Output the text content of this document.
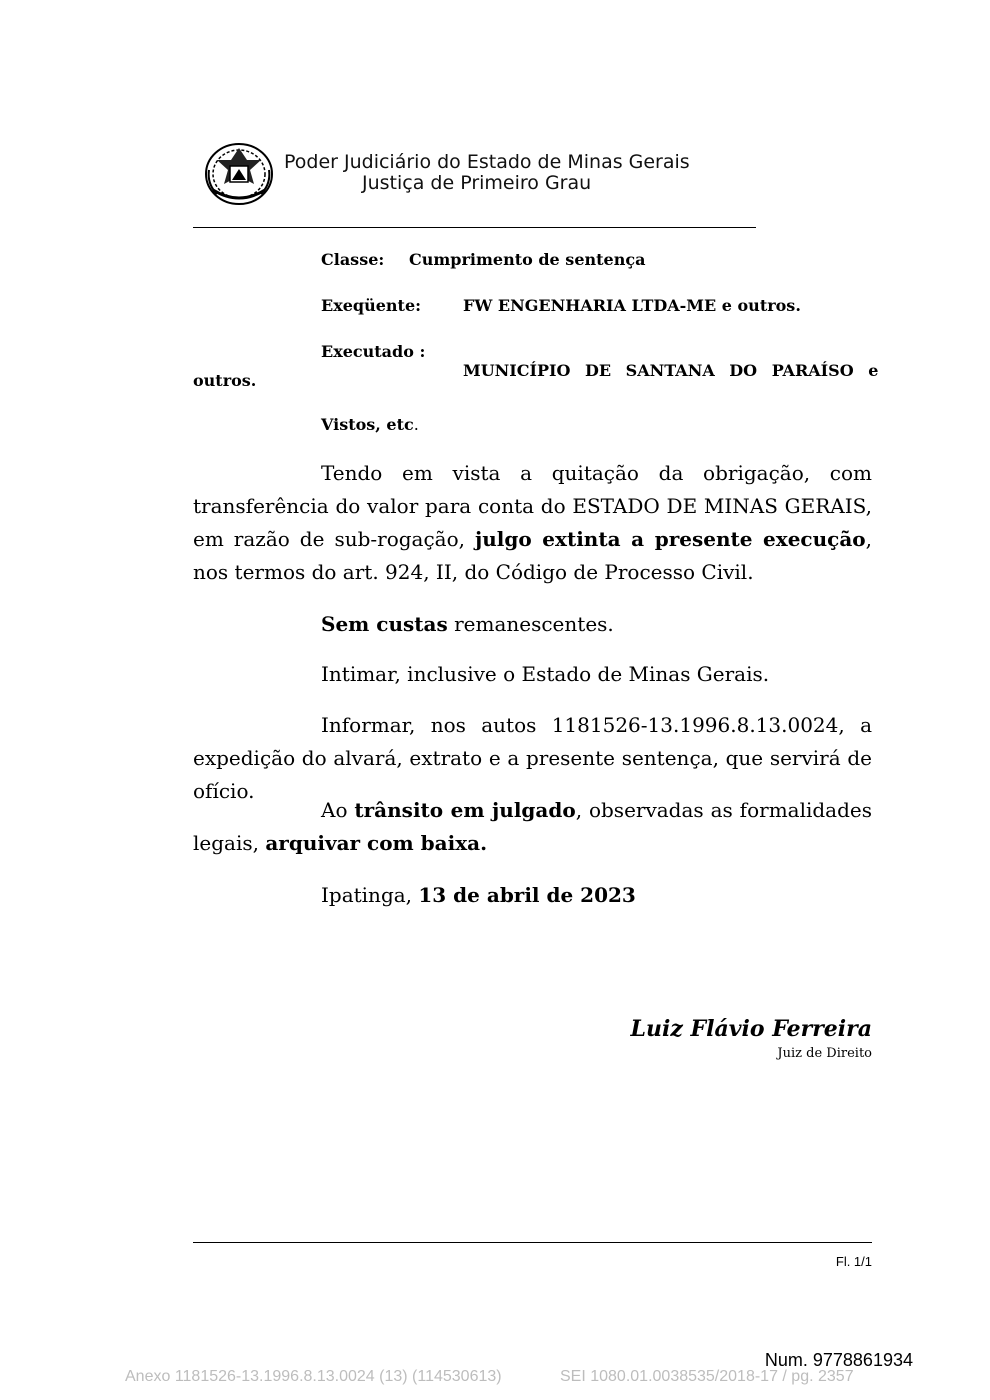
Poder Judiciário do Estado de Minas Gerais
Justiça de Primeiro Grau
Classe: Cumprimento de sentença
Exeqüente:	FW ENGENHARIA LTDA-ME e outros.
Executado :
MUNICÍPIO DE SANTANA DO PARAÍSO e
outros.
Vistos, etc.
Tendo em vista a quitação da obrigação, com transferência do valor para conta do ESTADO DE MINAS GERAIS, em razão de sub-rogação, julgo extinta a presente execução, nos termos do art. 924, II, do Código de Processo Civil.
Sem custas remanescentes.
Intimar, inclusive o Estado de Minas Gerais.
Informar, nos autos 1181526-13.1996.8.13.0024, a expedição do alvará, extrato e a presente sentença, que servirá de ofício.
Ao trânsito em julgado, observadas as formalidades legais, arquivar com baixa.
Ipatinga, 13 de abril de 2023
Luiz Flávio Ferreira
Juiz de Direito
Fl. 1/1
Num. 9778861934
Anexo 1181526-13.1996.8.13.0024 (13) (114530613)	SEI 1080.01.0038535/2018-17 / pg. 2357
